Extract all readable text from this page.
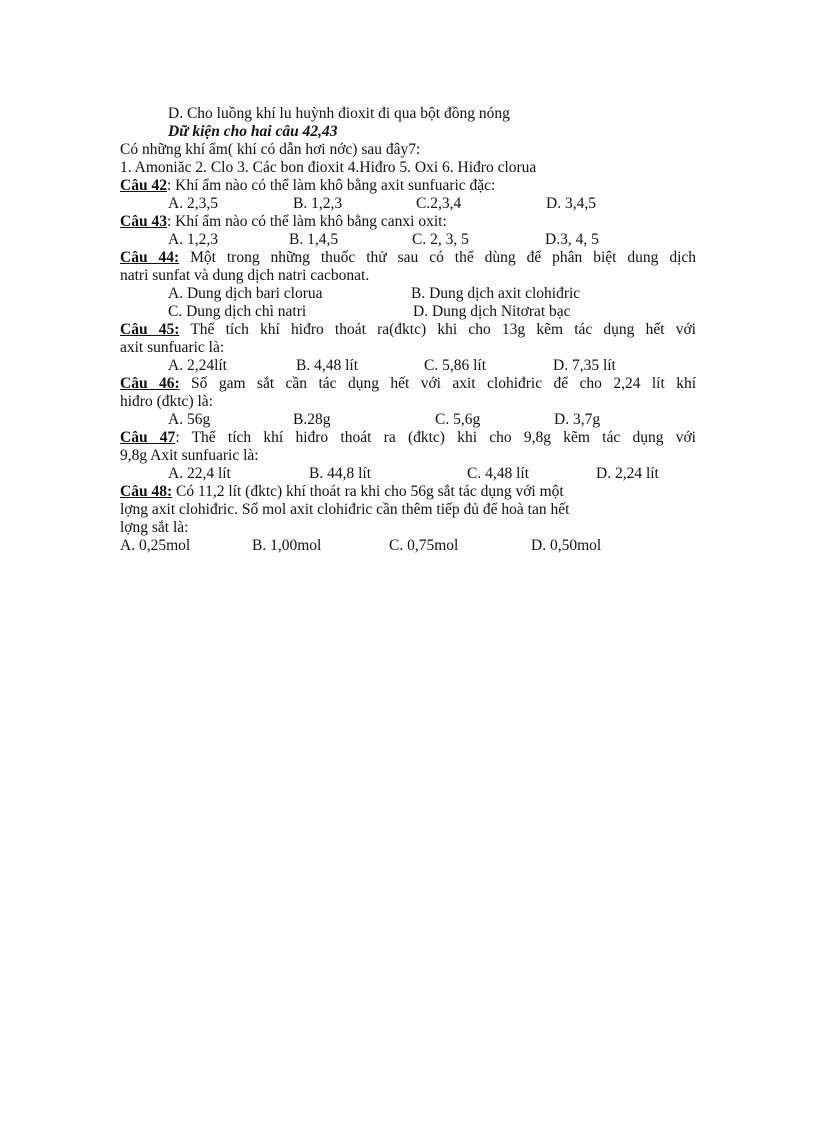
D. Cho luồng khí lu huỳnh đioxit đi qua bột đồng nóng
Dữ kiện cho hai câu 42,43
Có những khí ẩm( khí có dẫn hơi nớc) sau đây7:
1. Amoniăc 2. Clo 3. Các bon đioxit 4.Hiđro 5. Oxi 6. Hiđro clorua
Câu 42: Khí ẩm nào có thể làm khô bằng axit sunfuaric đặc:
A. 2,3,5	B. 1,2,3	C.2,3,4	D. 3,4,5
Câu 43: Khí ẩm nào có thể làm khô bằng canxi oxit:
A. 1,2,3	B. 1,4,5	C. 2, 3, 5	D.3, 4, 5
Câu 44: Một trong những thuốc thử sau có thể dùng để phân biệt dung dịch
natri sunfat và dung dịch natri cacbonat.
A. Dung dịch bari clorua	B. Dung dịch axit clohiđric
C. Dung dịch chì natri	D. Dung dịch Nitơrat bạc
Câu 45: Thể tích khí hiđro thoát ra(đktc) khi cho 13g kẽm tác dụng hết với
axit sunfuaric là:
A. 2,24lít	B. 4,48 lít	C. 5,86 lít	D. 7,35 lít
Câu 46: Số gam sắt cần tác dụng hết với axit clohiđric để cho 2,24 lít khí
hiđro (đktc) là:
A. 56g	B.28g	C. 5,6g	D. 3,7g
Câu 47: Thể tích khí hiđro thoát ra (đktc) khi cho 9,8g kẽm tác dụng với
9,8g Axit sunfuaric là:
A. 22,4 lít	B. 44,8 lít	C. 4,48 lít	D. 2,24 lít
Câu 48: Có 11,2 lít (đktc) khí thoát ra khi cho 56g sắt tác dụng với một
lợng axit clohiđric. Số mol axit clohiđric cần thêm tiếp đủ để hoà tan hết
lợng sắt là:
A. 0,25mol	B. 1,00mol	C. 0,75mol	D. 0,50mol
